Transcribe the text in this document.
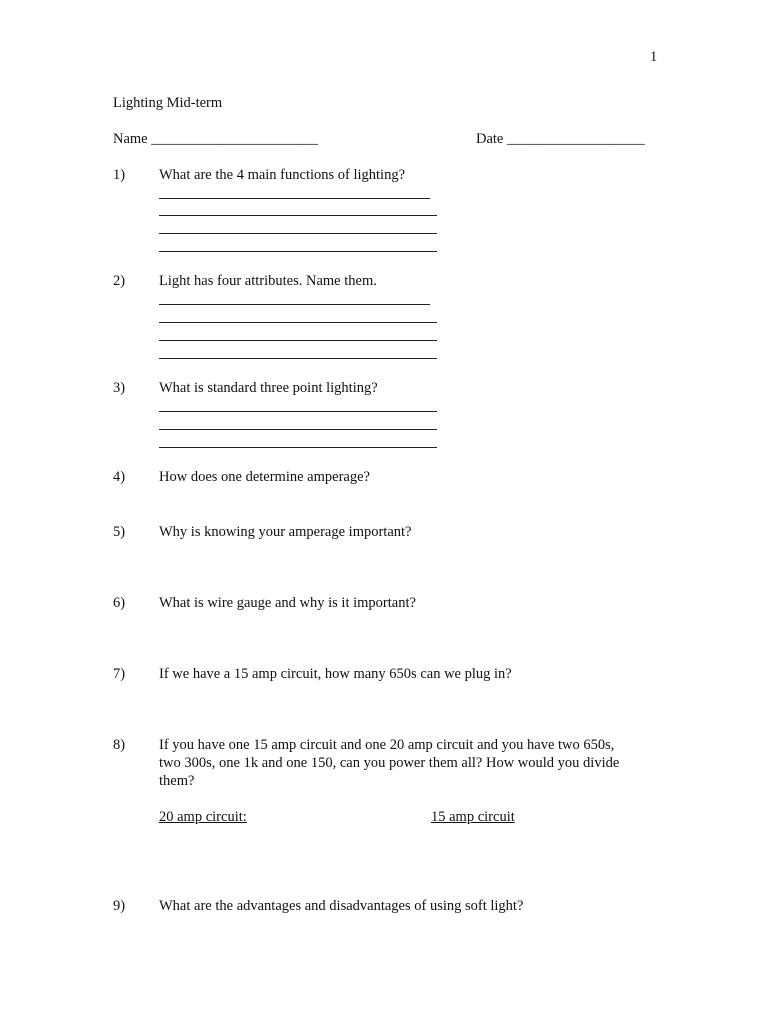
1
Lighting Mid-term
Name _______________________	Date ___________________
1) What are the 4 main functions of lighting?
2) Light has four attributes. Name them.
3) What is standard three point lighting?
4) How does one determine amperage?
5) Why is knowing your amperage important?
6) What is wire gauge and why is it important?
7) If we have a 15 amp circuit, how many 650s can we plug in?
8) If you have one 15 amp circuit and one 20 amp circuit and you have two 650s,
two 300s, one 1k and one 150, can you power them all? How would you divide
them?
20 amp circuit:	15 amp circuit
9) What are the advantages and disadvantages of using soft light?
